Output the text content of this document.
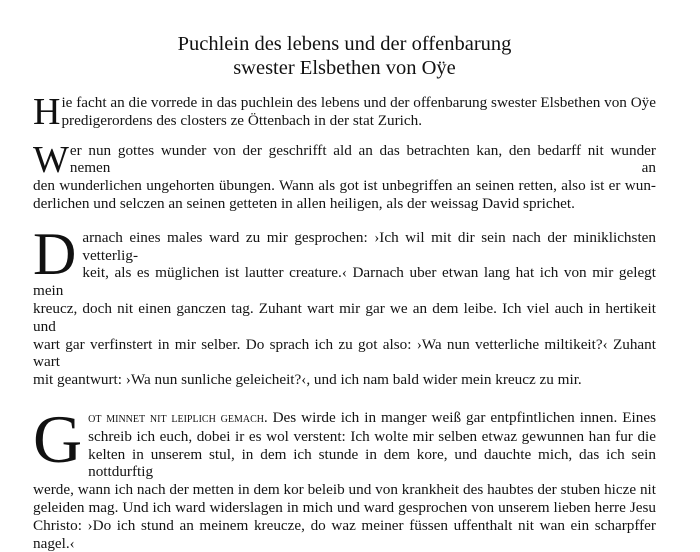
Puchlein des lebens und der offenbarung
swester Elsbethen von Oÿe

H ie facht an die vorrede in das puchlein des lebens und der offenbarung swester Elsbethen von Oÿe
predigerordens des closters ze Öttenbach in der stat Zurich.

W er nun gottes wunder von der geschrifft ald an das betrachten kan, den bedarff nit wunder nemen an
den wunderlichen ungehorten übungen. Wann als got ist unbegriffen an seinen retten, also ist er wun-
derlichen und selczen an seinen getteten in allen heiligen, als der weissag David sprichet.

D arnach eines males ward zu mir gesprochen: ›Ich wil mit dir sein nach der miniklichsten vetterlig-
keit, als es müglichen ist lautter creature.‹ Darnach uber etwan lang hat ich von mir gelegt mein
kreucz, doch nit einen ganczen tag. Zuhant wart mir gar we an dem leibe. Ich viel auch in hertikeit und
wart gar verfinstert in mir selber. Do sprach ich zu got also: ›Wa nun vetterliche miltikeit?‹ Zuhant wart
mit geantwurt: ›Wa nun sunliche geleicheit?‹, und ich nam bald wider mein kreucz zu mir.

G ot minnet nit leiplich gemach. Des wirde ich in manger weiß gar entpfintlichen innen. Eines
schreib ich euch, dobei ir es wol verstent: Ich wolte mir selben etwaz gewunnen han fur die
kelten in unserem stul, in dem ich stunde in dem kore, und dauchte mich, das ich sein nottdurftig
werde, wann ich nach der metten in dem kor beleib und von krankheit des haubtes der stuben hicze nit
geleiden mag. Und ich ward widerslagen in mich und ward gesprochen von unserem lieben herre Jesu
Christo: ›Do ich stund an meinem kreucze, do waz meiner füssen uffenthalt nit wan ein scharpffer
nagel.‹
